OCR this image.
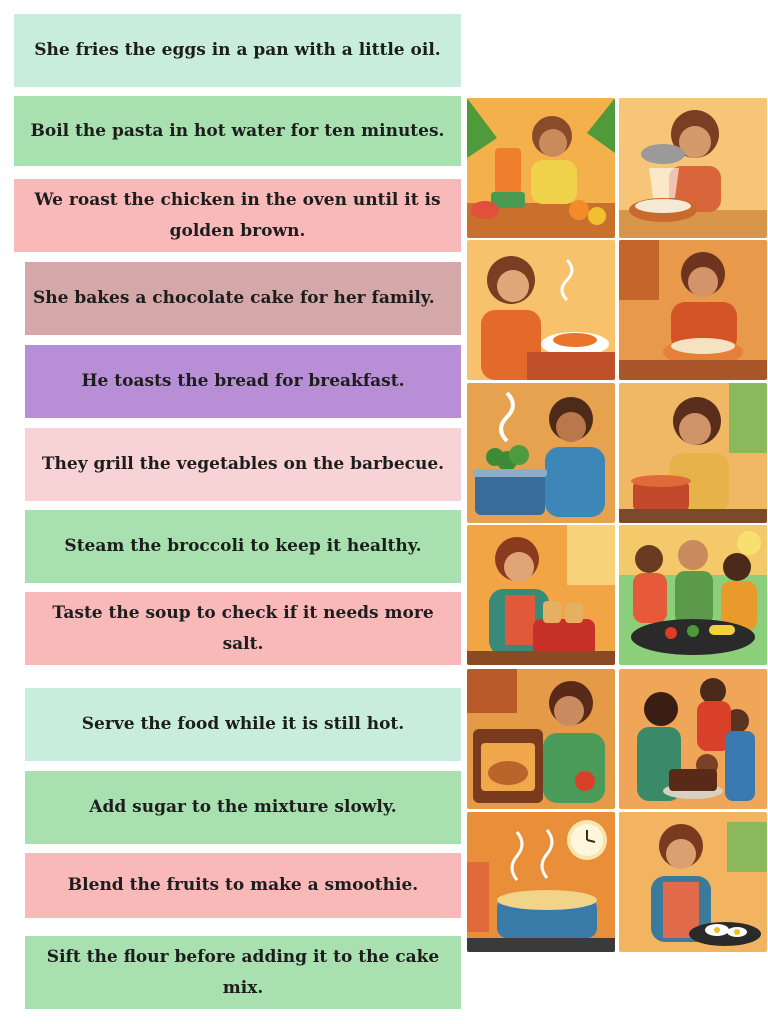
She fries the eggs in a pan with a little oil.
Boil the pasta in hot water for ten minutes.
We roast the chicken in the oven until it is golden brown.
She bakes a chocolate cake for her family.
He toasts the bread for breakfast.
They grill the vegetables on the barbecue.
Steam the broccoli to keep it healthy.
Taste the soup to check if it needs more salt.
Serve the food while it is still hot.
Add sugar to the mixture slowly.
Blend the fruits to make a smoothie.
Sift the flour before adding it to the cake mix.
